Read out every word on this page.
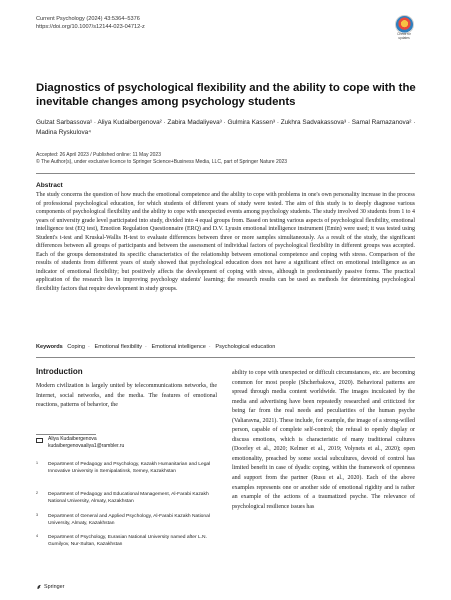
Current Psychology (2024) 43:5364–5376
https://doi.org/10.1007/s12144-023-04712-z
Check for updates
Diagnostics of psychological flexibility and the ability to cope with the inevitable changes among psychology students
Gulzat Sarbassova¹ · Aliya Kudaibergenova² · Zabira Madaliyeva³ · Gulmira Kassen³ · Zukhra Sadvakassova³ · Samal Ramazanova² · Madina Ryskulova⁴
Accepted: 26 April 2023 / Published online: 11 May 2023
© The Author(s), under exclusive licence to Springer Science+Business Media, LLC, part of Springer Nature 2023
Abstract
The study concerns the question of how much the emotional competence and the ability to cope with problems in one's own personality increase in the process of professional psychological education, for which students of different years of study were tested. The aim of this study is to deeply diagnose various components of psychological flexibility and the ability to cope with unexpected events among psychology students. The study involved 30 students from 1 to 4 years of university grade level participated into study, divided into 4 equal groups from. Based on testing various aspects of psychological flexibility, emotional intelligence test (EQ test), Emotion Regulation Questionnaire (ERQ) and D.V. Lyusin emotional intelligence instrument (Emin) were used; it was tested using Student's t-test and Kruskal-Wallis H-test to evaluate differences between three or more samples simultaneously. As a result of the study, the significant differences between all groups of participants and between the assessment of individual factors of psychological flexibility in different groups was accepted. Each of the groups demonstrated its specific characteristics of the relationship between emotional competence and coping with stress. Comparison of the results of students from different years of study showed that psychological education does not have a significant effect on emotional intelligence as an indicator of emotional flexibility; but positively affects the development of coping with stress, although in predominantly passive forms. The practical application of the research lies in improving psychology students' learning; the research results can be used as methods for determining psychological flexibility factors that require development in study groups.
Keywords Coping · Emotional flexibility · Emotional intelligence · Psychological education
Introduction
Modern civilization is largely united by telecommunications networks, the Internet, social networks, and the media. The features of emotional reactions, patterns of behavior, the
ability to cope with unexpected or difficult circumstances, etc. are becoming common for most people (Shcherbakova, 2020). Behavioral patterns are spread through media content worldwide. The images inculcated by the media and advertising have been repeatedly researched and criticized for being far from the real needs and peculiarities of the human psyche (Valiaravna, 2021). These include, for example, the image of a strong-willed person, capable of complete self-control; the refusal to openly display or discuss emotions, which is characteristic of many traditional cultures (Doorley et al., 2020; Kelmer et al., 2019; Volynets et al., 2020); open emotionality, preached by some social subcultures, devoid of control has limited benefit in case of dyadic coping, within the framework of openness and support from the partner (Rusu et al., 2020). Each of the above examples represents one or another side of emotional rigidity and is rather an example of the actions of a traumatized psyche. The relevance of psychological resilience issues has
Aliya Kudaibergenova
kudaibergenovaaliya1@rambler.ru
1 Department of Pedagogy and Psychology, Kazakh Humanitarian and Legal Innovative University in Semipalatinsk, Semey, Kazakhstan
2 Department of Pedagogy and Educational Management, Al-Farabi Kazakh National University, Almaty, Kazakhstan
3 Department of General and Applied Psychology, Al-Farabi Kazakh National University, Almaty, Kazakhstan
4 Department of Psychology, Eurasian National University named after L.N. Gumilyov, Nur-Sultan, Kazakhstan
Springer
